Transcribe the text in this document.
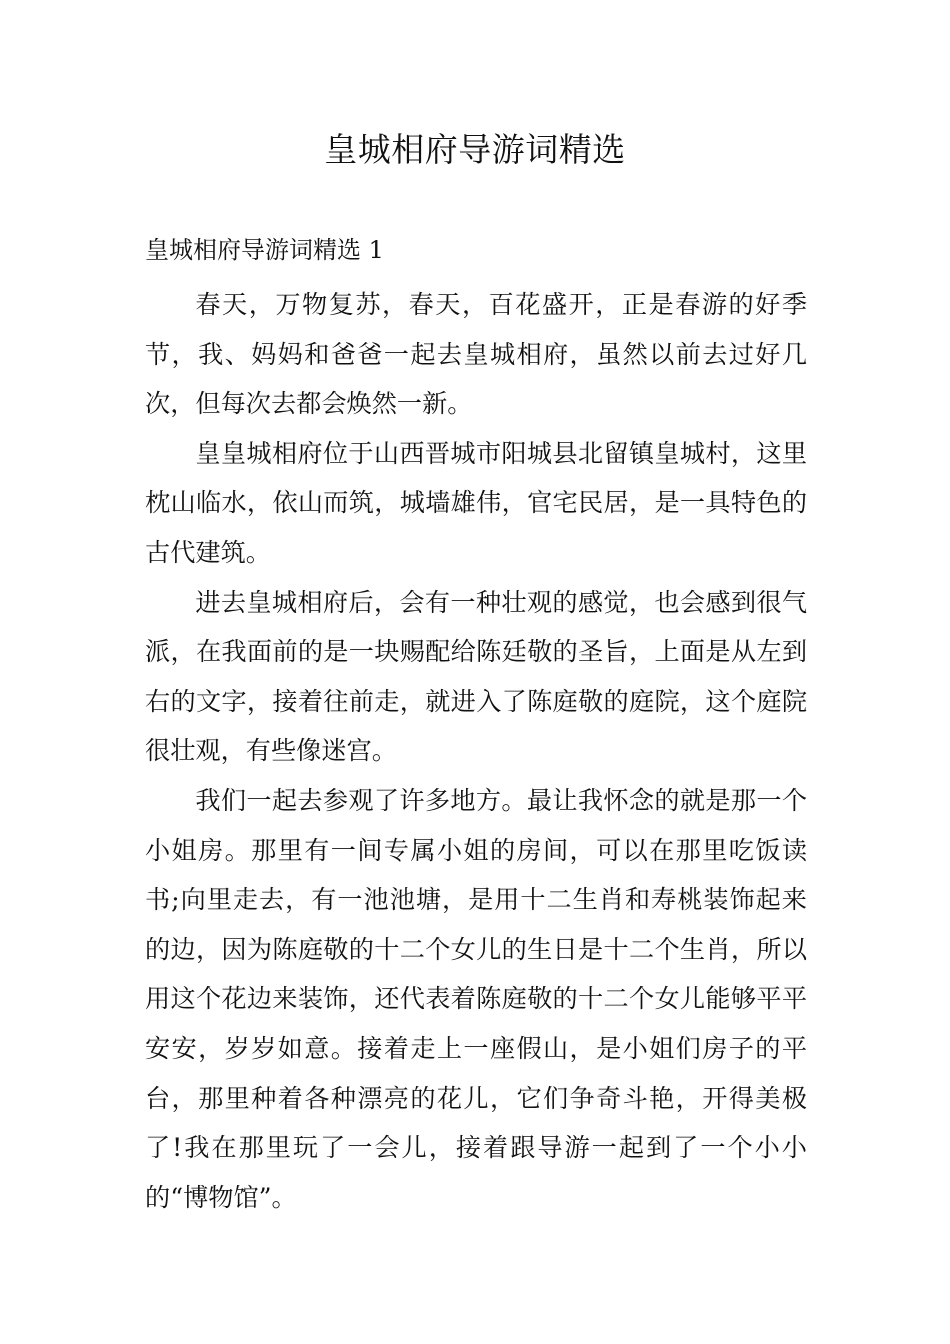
皇城相府导游词精选
皇城相府导游词精选 1

春天，万物复苏，春天，百花盛开，正是春游的好季节，我、妈妈和爸爸一起去皇城相府，虽然以前去过好几次，但每次去都会焕然一新。

皇皇城相府位于山西晋城市阳城县北留镇皇城村，这里枕山临水，依山而筑，城墙雄伟，官宅民居，是一具特色的古代建筑。

进去皇城相府后，会有一种壮观的感觉，也会感到很气派，在我面前的是一块赐配给陈廷敬的圣旨，上面是从左到右的文字，接着往前走，就进入了陈庭敬的庭院，这个庭院很壮观，有些像迷宫。

我们一起去参观了许多地方。最让我怀念的就是那一个小姐房。那里有一间专属小姐的房间，可以在那里吃饭读书;向里走去，有一池池塘，是用十二生肖和寿桃装饰起来的边，因为陈庭敬的十二个女儿的生日是十二个生肖，所以用这个花边来装饰，还代表着陈庭敬的十二个女儿能够平平安安，岁岁如意。接着走上一座假山，是小姐们房子的平台，那里种着各种漂亮的花儿，它们争奇斗艳，开得美极了!我在那里玩了一会儿，接着跟导游一起到了一个小小的“博物馆”。
